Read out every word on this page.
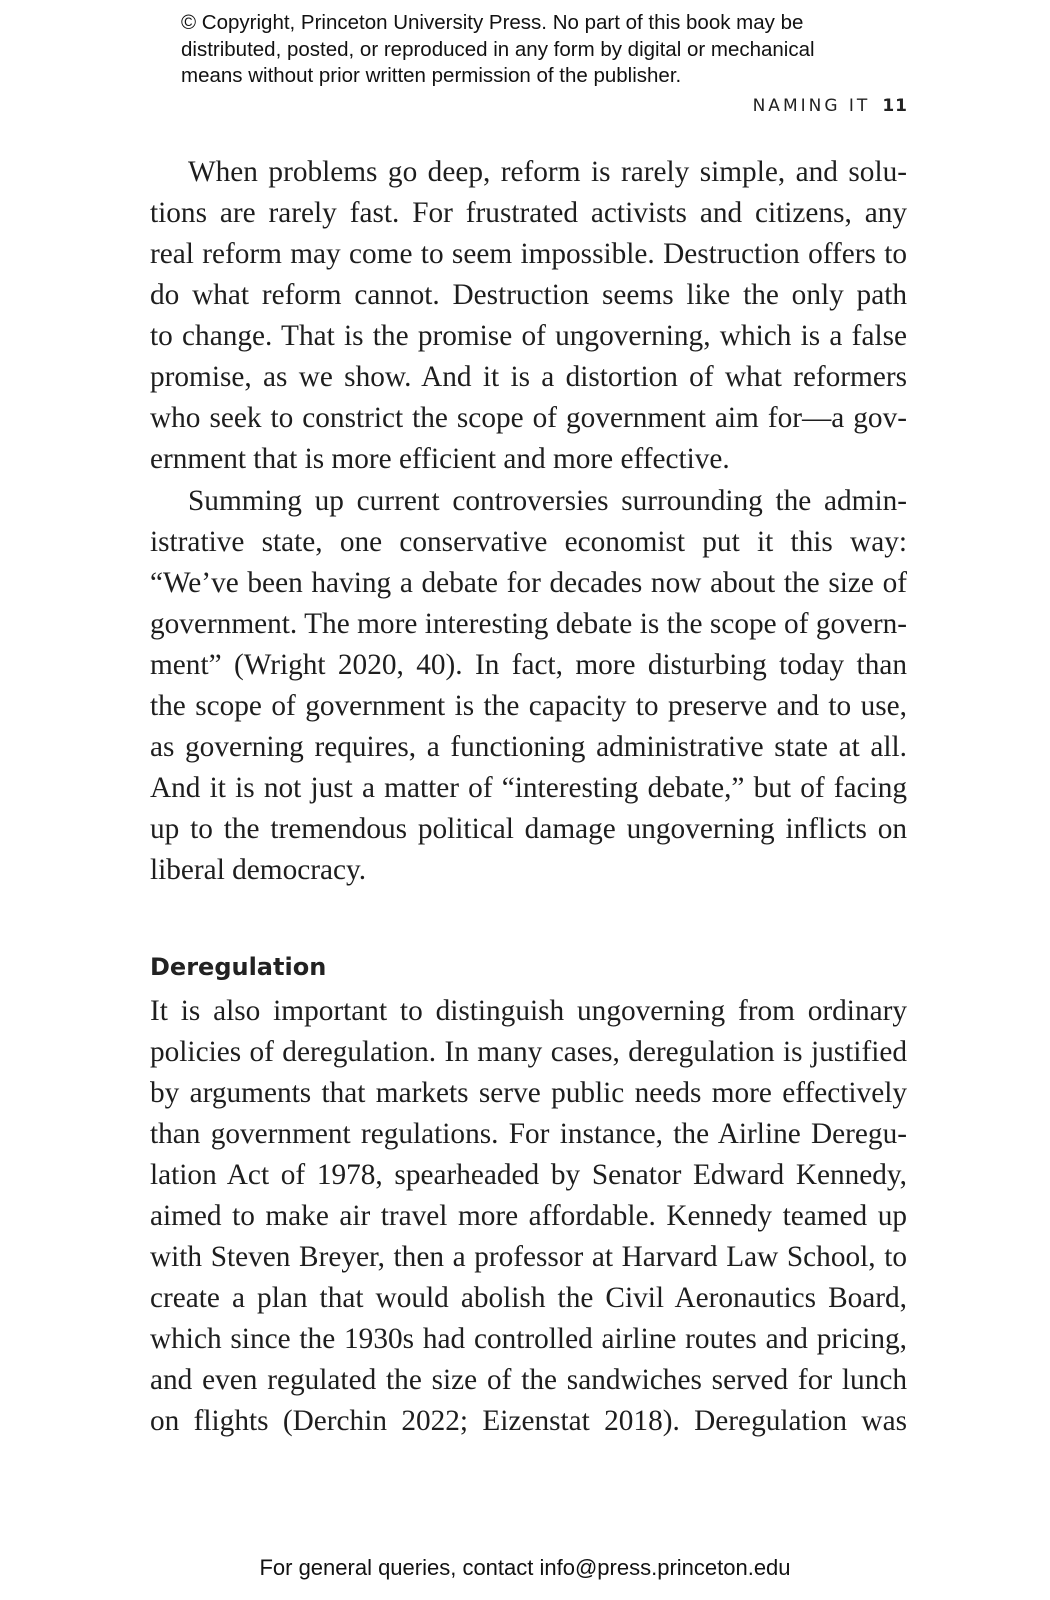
© Copyright, Princeton University Press. No part of this book may be
distributed, posted, or reproduced in any form by digital or mechanical
means without prior written permission of the publisher.
NAMING IT 11
When problems go deep, reform is rarely simple, and solu-
tions are rarely fast. For frustrated activists and citizens, any
real reform may come to seem impossible. Destruction offers to
do what reform cannot. Destruction seems like the only path
to change. That is the promise of ungoverning, which is a false
promise, as we show. And it is a distortion of what reformers
who seek to constrict the scope of government aim for—a gov-
ernment that is more efficient and more effective.
Summing up current controversies surrounding the admin-
istrative state, one conservative economist put it this way:
“We’ve been having a debate for decades now about the size of
government. The more interesting debate is the scope of govern-
ment” (Wright 2020, 40). In fact, more disturbing today than
the scope of government is the capacity to preserve and to use,
as governing requires, a functioning administrative state at all.
And it is not just a matter of “interesting debate,” but of facing
up to the tremendous political damage ungoverning inflicts on
liberal democracy.
Deregulation
It is also important to distinguish ungoverning from ordinary
policies of deregulation. In many cases, deregulation is justified
by arguments that markets serve public needs more effectively
than government regulations. For instance, the Airline Deregu-
lation Act of 1978, spearheaded by Senator Edward Kennedy,
aimed to make air travel more affordable. Kennedy teamed up
with Steven Breyer, then a professor at Harvard Law School, to
create a plan that would abolish the Civil Aeronautics Board,
which since the 1930s had controlled airline routes and pricing,
and even regulated the size of the sandwiches served for lunch
on flights (Derchin 2022; Eizenstat 2018). Deregulation was
For general queries, contact info@press.princeton.edu
